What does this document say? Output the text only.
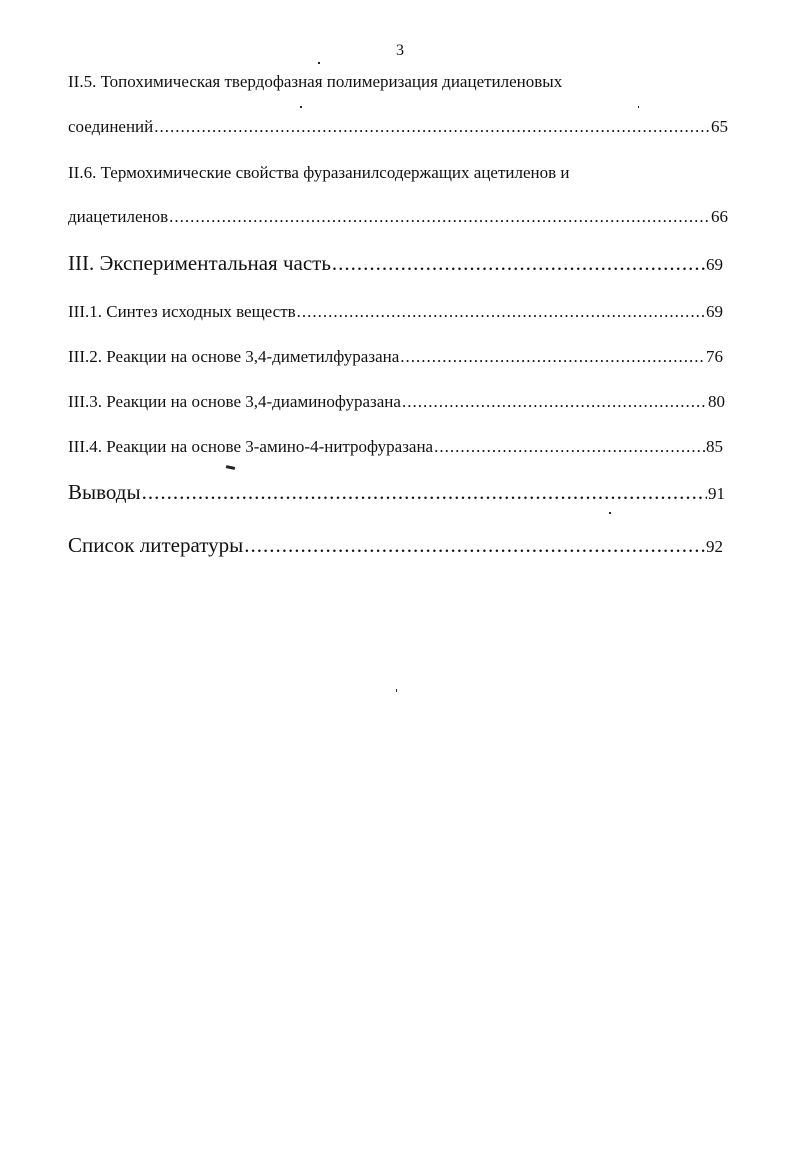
3
II.5. Топохимическая твердофазная полимеризация диацетиленовых
соединений .....	65
II.6. Термохимические свойства фуразанилсодержащих ацетиленов и
диацетиленов .....	66
III. Экспериментальная часть .....	69
III.1. Синтез исходных веществ .....	69
III.2. Реакции на основе 3,4-диметилфуразана .....	76
III.3. Реакции на основе 3,4-диаминофуразана .....	80
III.4. Реакции на основе 3-амино-4-нитрофуразана .....	85
Выводы .....	91
Список литературы .....	92
